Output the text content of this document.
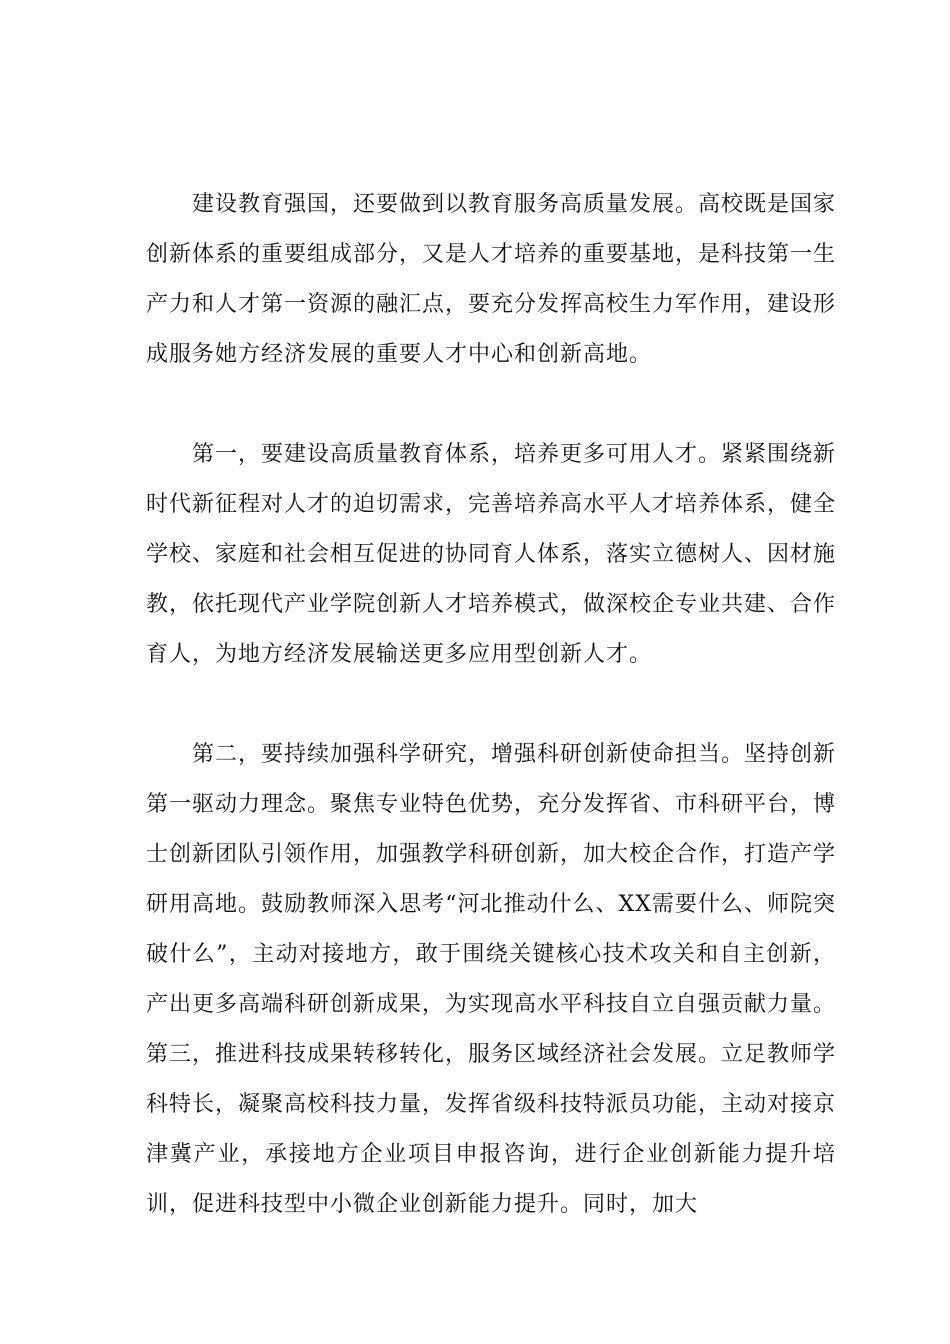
建设教育强国，还要做到以教育服务高质量发展。高校既是国家创新体系的重要组成部分，又是人才培养的重要基地，是科技第一生产力和人才第一资源的融汇点，要充分发挥高校生力军作用，建设形成服务她方经济发展的重要人才中心和创新高地。

第一，要建设高质量教育体系，培养更多可用人才。紧紧围绕新时代新征程对人才的迫切需求，完善培养高水平人才培养体系，健全学校、家庭和社会相互促进的协同育人体系，落实立德树人、因材施教，依托现代产业学院创新人才培养模式，做深校企专业共建、合作育人，为地方经济发展输送更多应用型创新人才。

第二，要持续加强科学研究，增强科研创新使命担当。坚持创新第一驱动力理念。聚焦专业特色优势，充分发挥省、市科研平台，博士创新团队引领作用，加强教学科研创新，加大校企合作，打造产学研用高地。鼓励教师深入思考“河北推动什么、XX需要什么、师院突破什么”，主动对接地方，敢于围绕关键核心技术攻关和自主创新，产出更多高端科研创新成果，为实现高水平科技自立自强贡献力量。第三，推进科技成果转移转化，服务区域经济社会发展。立足教师学科特长，凝聚高校科技力量，发挥省级科技特派员功能，主动对接京津冀产业，承接地方企业项目申报咨询，进行企业创新能力提升培训，促进科技型中小微企业创新能力提升。同时，加大
